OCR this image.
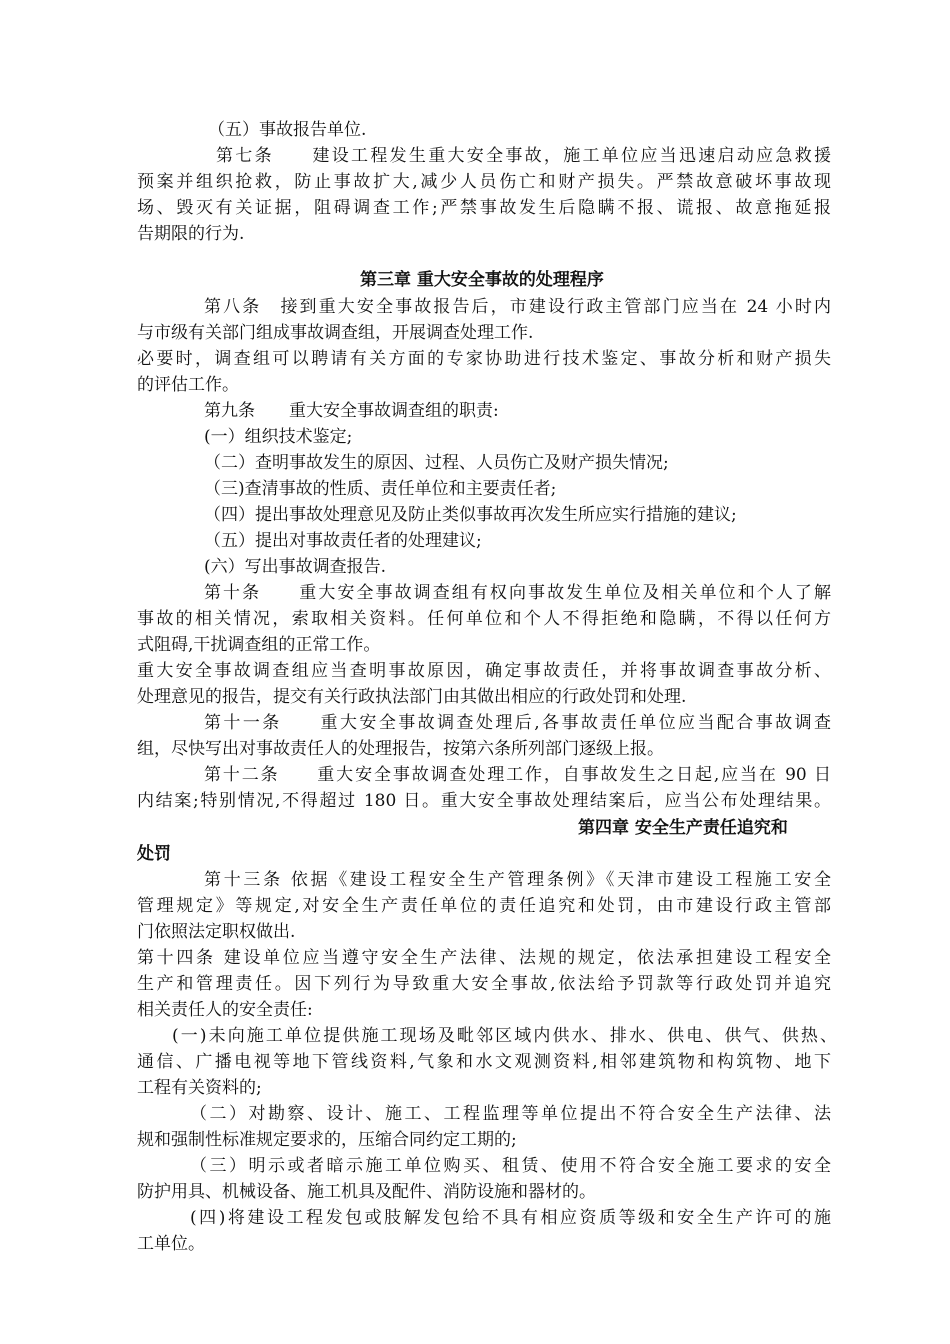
（五）事故报告单位.
第七条　　建设工程发生重大安全事故，施工单位应当迅速启动应急救援
预案并组织抢救，防止事故扩大,减少人员伤亡和财产损失。严禁故意破坏事故现
场、毁灭有关证据，阻碍调查工作;严禁事故发生后隐瞒不报、谎报、故意拖延报
告期限的行为.
第三章 重大安全事故的处理程序
第八条　接到重大安全事故报告后，市建设行政主管部门应当在 24 小时内
与市级有关部门组成事故调查组，开展调查处理工作.
必要时，调查组可以聘请有关方面的专家协助进行技术鉴定、事故分析和财产损失
的评估工作。
第九条　　重大安全事故调查组的职责:
(一）组织技术鉴定;
（二）查明事故发生的原因、过程、人员伤亡及财产损失情况;
（三)查清事故的性质、责任单位和主要责任者;
（四）提出事故处理意见及防止类似事故再次发生所应实行措施的建议;
（五）提出对事故责任者的处理建议;
(六）写出事故调查报告.
第十条　　重大安全事故调查组有权向事故发生单位及相关单位和个人了解
事故的相关情况，索取相关资料。任何单位和个人不得拒绝和隐瞒，不得以任何方
式阻碍,干扰调查组的正常工作。
重大安全事故调查组应当查明事故原因，确定事故责任，并将事故调查事故分析、
处理意见的报告，提交有关行政执法部门由其做出相应的行政处罚和处理.
第十一条　　重大安全事故调查处理后,各事故责任单位应当配合事故调查
组，尽快写出对事故责任人的处理报告，按第六条所列部门逐级上报。
第十二条　　重大安全事故调查处理工作，自事故发生之日起,应当在 90 日
内结案;特别情况,不得超过 180 日。重大安全事故处理结案后，应当公布处理结果。
第四章 安全生产责任追究和
处罚
第十三条 依据《建设工程安全生产管理条例》《天津市建设工程施工安全
管理规定》等规定,对安全生产责任单位的责任追究和处罚，由市建设行政主管部
门依照法定职权做出.
第十四条 建设单位应当遵守安全生产法律、法规的规定，依法承担建设工程安全
生产和管理责任。因下列行为导致重大安全事故,依法给予罚款等行政处罚并追究
相关责任人的安全责任:
(一)未向施工单位提供施工现场及毗邻区域内供水、排水、供电、供气、供热、
通信、广播电视等地下管线资料,气象和水文观测资料,相邻建筑物和构筑物、地下
工程有关资料的;
（二）对勘察、设计、施工、工程监理等单位提出不符合安全生产法律、法
规和强制性标准规定要求的，压缩合同约定工期的;
（三）明示或者暗示施工单位购买、租赁、使用不符合安全施工要求的安全
防护用具、机械设备、施工机具及配件、消防设施和器材的。
(四)将建设工程发包或肢解发包给不具有相应资质等级和安全生产许可的施
工单位。
